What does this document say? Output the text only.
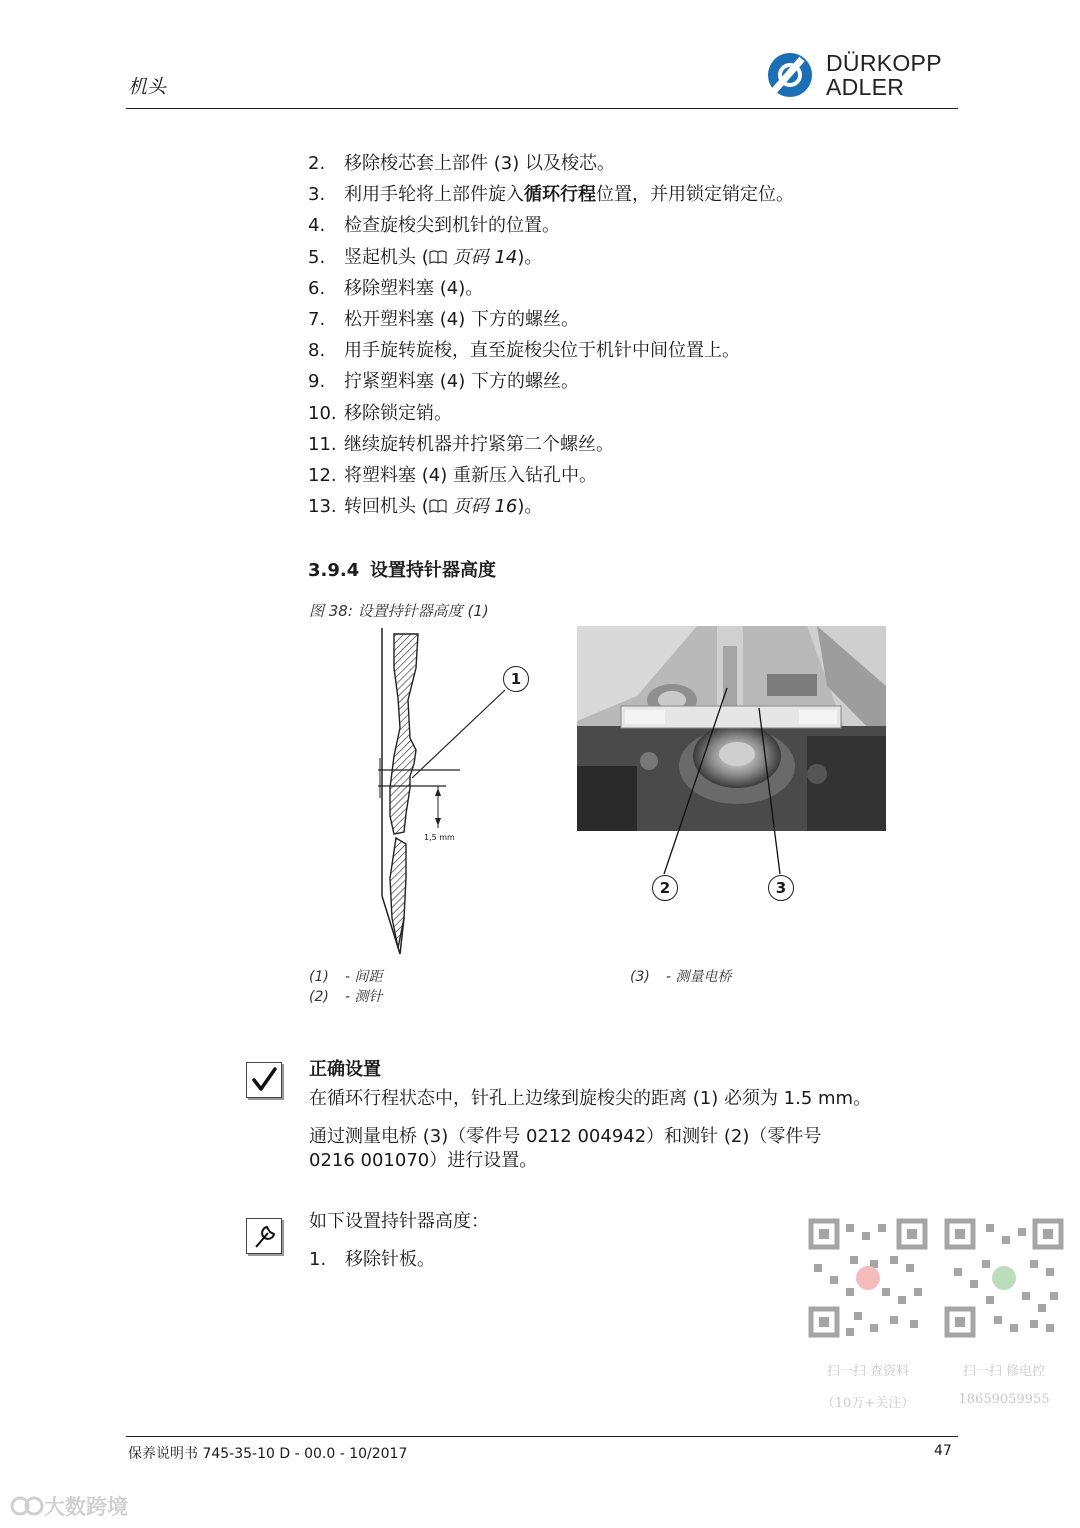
机头
DÜRKOPP
ADLER
2. 移除梭芯套上部件 (3) 以及梭芯。
3. 利用手轮将上部件旋入循环行程位置，并用锁定销定位。
4. 检查旋梭尖到机针的位置。
5. 竖起机头 ( 页码 14)。
6. 移除塑料塞 (4)。
7. 松开塑料塞 (4) 下方的螺丝。
8. 用手旋转旋梭，直至旋梭尖位于机针中间位置上。
9. 拧紧塑料塞 (4) 下方的螺丝。
10. 移除锁定销。
11. 继续旋转机器并拧紧第二个螺丝。
12. 将塑料塞 (4) 重新压入钻孔中。
13. 转回机头 ( 页码 16)。
3.9.4 设置持针器高度
图 38: 设置持针器高度 (1)
1,5 mm
1
2	3
(1) - 间距
(2) - 测针
(3) - 测量电桥
正确设置
在循环行程状态中，针孔上边缘到旋梭尖的距离 (1) 必须为 1.5 mm。
通过测量电桥 (3)（零件号 0212 004942）和测针 (2)（零件号
0216 001070）进行设置。
如下设置持针器高度：
1. 移除针板。
扫一扫 查资料
（10万+关注）
扫一扫 修电控
18659059955
保养说明书 745-35-10 D - 00.0 - 10/2017	47
大数跨境
